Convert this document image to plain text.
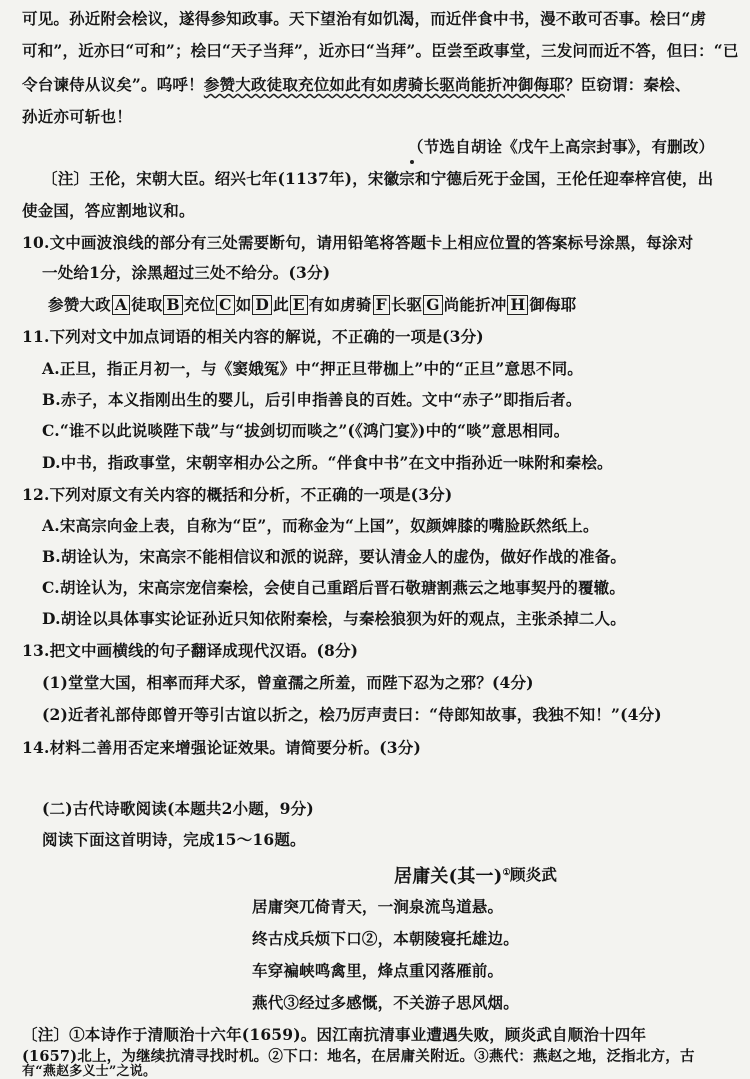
可见。孙近附会桧议，遂得参知政事。天下望治有如饥渴，而近伴食中书，漫不敢可否事。桧曰“虏
可和”，近亦曰“可和”；桧曰“天子当拜”，近亦曰“当拜”。臣尝至政事堂，三发问而近不答，但曰：“已
令台谏侍从议矣”。呜呼！参赞大政徒取充位如此有如虏骑长驱尚能折冲御侮耶？臣窃谓：秦桧、
孙近亦可斩也！
（节选自胡诠《戊午上高宗封事》，有删改）
〔注〕王伦，宋朝大臣。绍兴七年(1137年)，宋徽宗和宁德后死于金国，王伦任迎奉梓宫使，出
使金国，答应割地议和。
10.文中画波浪线的部分有三处需要断句，请用铅笔将答题卡上相应位置的答案标号涂黑，每涂对
一处给1分，涂黑超过三处不给分。(3分)
参赞大政 A 徒取 B 充位 C 如 D 此 E 有如虏骑 F 长驱 G 尚能折冲 H 御侮耶
11.下列对文中加点词语的相关内容的解说，不正确的一项是(3分)
A.正旦，指正月初一，与《窦娥冤》中“押正旦带枷上”中的“正旦”意思不同。
B.赤子，本义指刚出生的婴儿，后引申指善良的百姓。文中“赤子”即指后者。
C.“谁不以此说啖陛下哉”与“拔剑切而啖之”(《鸿门宴》)中的“啖”意思相同。
D.中书，指政事堂，宋朝宰相办公之所。“伴食中书”在文中指孙近一味附和秦桧。
12.下列对原文有关内容的概括和分析，不正确的一项是(3分)
A.宋高宗向金上表，自称为“臣”，而称金为“上国”，奴颜婢膝的嘴脸跃然纸上。
B.胡诠认为，宋高宗不能相信议和派的说辞，要认清金人的虚伪，做好作战的准备。
C.胡诠认为，宋高宗宠信秦桧，会使自己重蹈后晋石敬瑭割燕云之地事契丹的覆辙。
D.胡诠以具体事实论证孙近只知依附秦桧，与秦桧狼狈为奸的观点，主张杀掉二人。
13.把文中画横线的句子翻译成现代汉语。(8分)
(1)堂堂大国，相率而拜犬豕，曾童孺之所羞，而陛下忍为之邪？(4分)
(2)近者礼部侍郎曾开等引古谊以折之，桧乃厉声责曰：“侍郎知故事，我独不知！”(4分)
14.材料二善用否定来增强论证效果。请简要分析。(3分)
(二)古代诗歌阅读(本题共2小题，9分)
阅读下面这首明诗，完成15～16题。
居庸关(其一)① 顾炎武
居庸突兀倚青天，一涧泉流鸟道悬。
终古戍兵烦下口②，本朝陵寝托雄边。
车穿褊峡鸣禽里，烽点重冈落雁前。
燕代③经过多感慨，不关游子思风烟。
〔注〕①本诗作于清顺治十六年(1659)。因江南抗清事业遭遇失败，顾炎武自顺治十四年
(1657)北上，为继续抗清寻找时机。②下口：地名，在居庸关附近。③燕代：燕赵之地，泛指北方，古
有“燕赵多义士”之说。
